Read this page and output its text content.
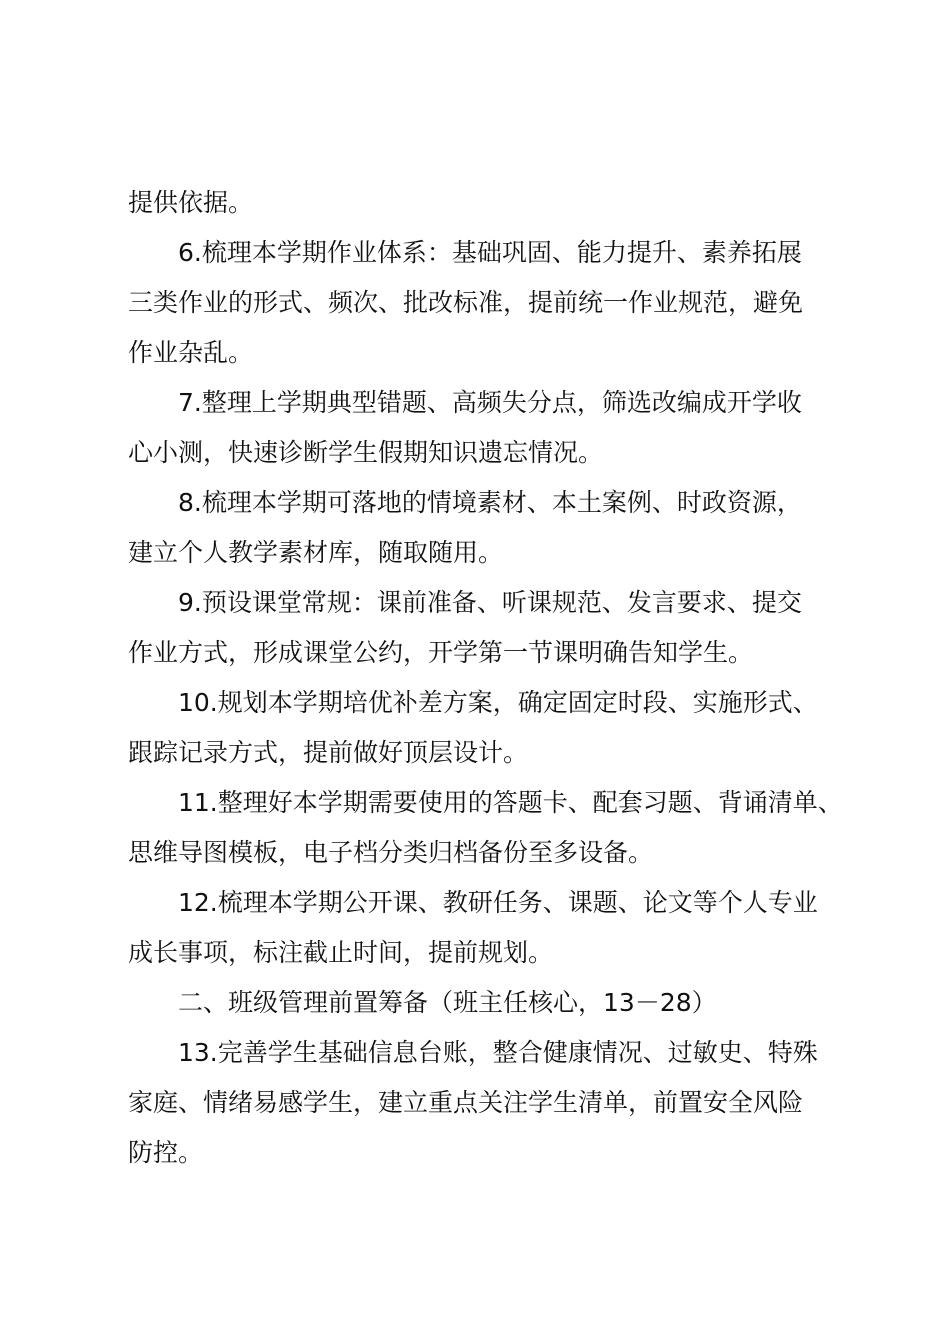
提供依据。

6.梳理本学期作业体系：基础巩固、能力提升、素养拓展

三类作业的形式、频次、批改标准，提前统一作业规范，避免

作业杂乱。

7.整理上学期典型错题、高频失分点，筛选改编成开学收

心小测，快速诊断学生假期知识遗忘情况。

8.梳理本学期可落地的情境素材、本土案例、时政资源，

建立个人教学素材库，随取随用。

9.预设课堂常规：课前准备、听课规范、发言要求、提交

作业方式，形成课堂公约，开学第一节课明确告知学生。

10.规划本学期培优补差方案，确定固定时段、实施形式、

跟踪记录方式，提前做好顶层设计。

11.整理好本学期需要使用的答题卡、配套习题、背诵清单、

思维导图模板，电子档分类归档备份至多设备。

12.梳理本学期公开课、教研任务、课题、论文等个人专业

成长事项，标注截止时间，提前规划。

二、班级管理前置筹备（班主任核心，13－28）

13.完善学生基础信息台账，整合健康情况、过敏史、特殊

家庭、情绪易感学生，建立重点关注学生清单，前置安全风险

防控。
